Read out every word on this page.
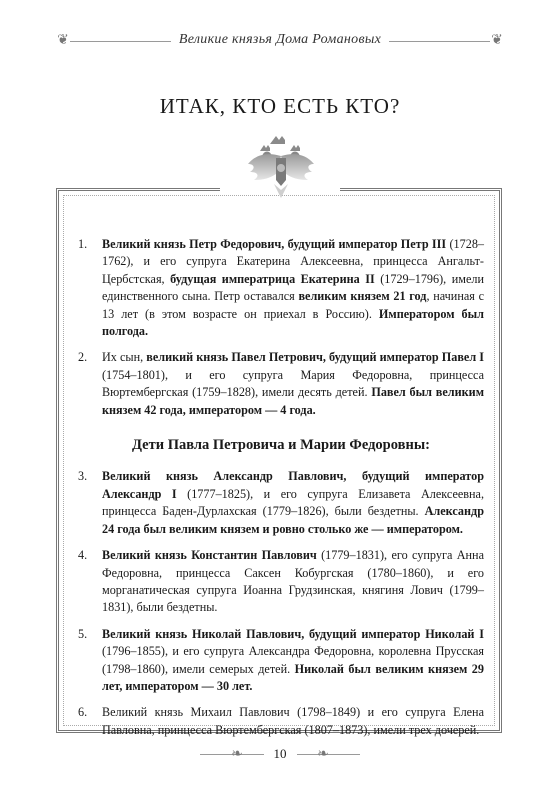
❦	❦
Великие князья Дома Романовых
ИТАК, КТО ЕСТЬ КТО?
1. Великий князь Петр Федорович, будущий император Петр III (1728–1762), и его супруга Екатерина Алексеевна, принцесса Ангальт-Цербстская, будущая императрица Екатерина II (1729–1796), имели единственного сына. Петр оставался великим князем 21 год, начиная с 13 лет (в этом возрасте он приехал в Россию). Императором был полгода.
2. Их сын, великий князь Павел Петрович, будущий император Павел I (1754–1801), и его супруга Мария Федоровна, принцесса Вюртембергская (1759–1828), имели десять детей. Павел был великим князем 42 года, императором — 4 года.
Дети Павла Петровича и Марии Федоровны:
3. Великий князь Александр Павлович, будущий император Александр I (1777–1825), и его супруга Елизавета Алексеевна, принцесса Баден-Дурлахская (1779–1826), были бездетны. Александр 24 года был великим князем и ровно столько же — императором.
4. Великий князь Константин Павлович (1779–1831), его супруга Анна Федоровна, принцесса Саксен Кобургская (1780–1860), и его морганатическая супруга Иоанна Грудзинская, княгиня Лович (1799–1831), были бездетны.
5. Великий князь Николай Павлович, будущий император Николай I (1796–1855), и его супруга Александра Федоровна, королевна Прусская (1798–1860), имели семерых детей. Николай был великим князем 29 лет, императором — 30 лет.
6. Великий князь Михаил Павлович (1798–1849) и его супруга Елена Павловна, принцесса Вюртембергская (1807–1873), имели трех дочерей.
❧	❧
10
